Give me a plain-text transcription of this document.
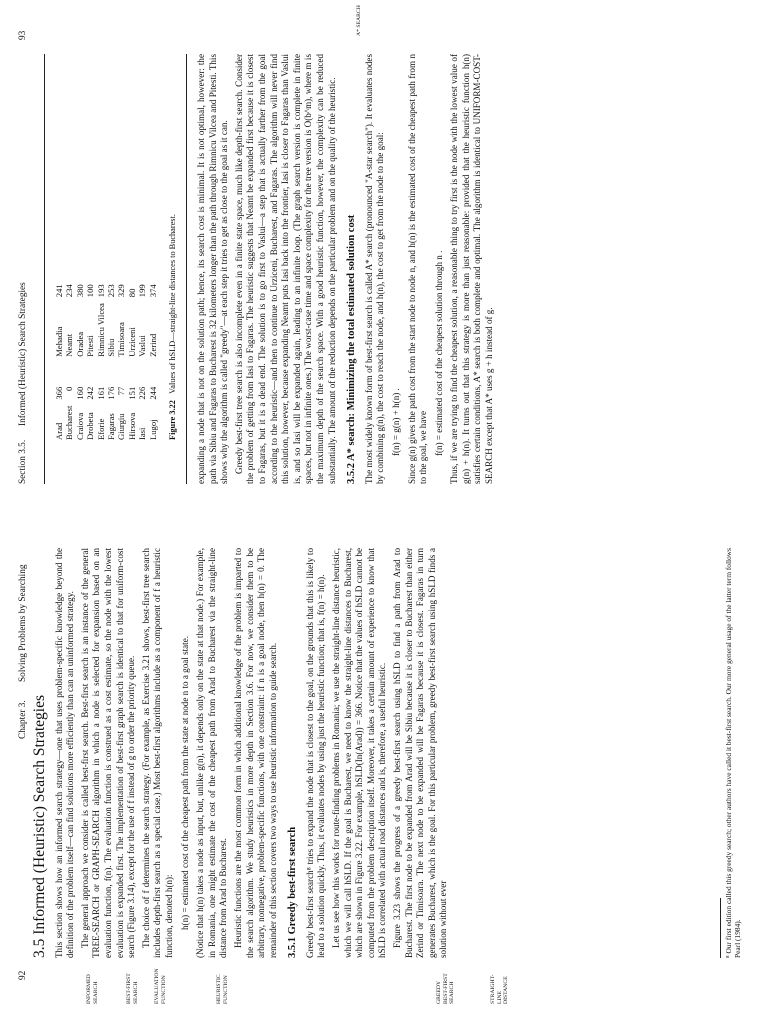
92
Chapter 3.
Solving Problems by Searching
INFORMED SEARCH	BEST-FIRST SEARCH	EVALUATION FUNCTION	HEURISTIC FUNCTION	GREEDY BEST-FIRST SEARCH	STRAIGHT-LINE DISTANCE
3.5 Informed (Heuristic) Search Strategies This section shows how an informed search strategy—one that uses problem-specific knowledge beyond the definition of the problem itself—can find solutions more efficiently than can an uninformed strategy. The general approach we consider is called best-first search. Best-first search is an instance of the general TREE-SEARCH or GRAPH-SEARCH algorithm in which a node is selected for expansion based on an evaluation function, f(n). The evaluation function is construed as a cost estimate, so the node with the lowest evaluation is expanded first. The implementation of best-first graph search is identical to that for uniform-cost search (Figure 3.14), except for the use of f instead of g to order the priority queue. The choice of f determines the search strategy. (For example, as Exercise 3.21 shows, best-first tree search includes depth-first search as a special case.) Most best-first algorithms include as a component of f a heuristic function, denoted h(n): h(n) = estimated cost of the cheapest path from the state at node n to a goal state. (Notice that h(n) takes a node as input, but, unlike g(n), it depends only on the state at that node.) For example, in Romania, one might estimate the cost of the cheapest path from Arad to Bucharest via the straight-line distance from Arad to Bucharest. Heuristic functions are the most common form in which additional knowledge of the problem is imparted to the search algorithm. We study heuristics in more depth in Section 3.6. For now, we consider them to be arbitrary, nonnegative, problem-specific functions, with one constraint: if n is a goal node, then h(n) = 0. The remainder of this section covers two ways to use heuristic information to guide search. 3.5.1 Greedy best-first search Greedy best-first search⁸ tries to expand the node that is closest to the goal, on the grounds that this is likely to lead to a solution quickly. Thus, it evaluates nodes by using just the heuristic function; that is, f(n) = h(n). Let us see how this works for route-finding problems in Romania; we use the straight-line distance heuristic, which we will call hSLD. If the goal is Bucharest, we need to know the straight-line distances to Bucharest, which are shown in Figure 3.22. For example, hSLD(In(Arad)) = 366. Notice that the values of hSLD cannot be computed from the problem description itself. Moreover, it takes a certain amount of experience to know that hSLD is correlated with actual road distances and is, therefore, a useful heuristic. Figure 3.23 shows the progress of a greedy best-first search using hSLD to find a path from Arad to Bucharest. The first node to be expanded from Arad will be Sibiu because it is closer to Bucharest than either Zerind or Timisoara. The next node to be expanded will be Fagaras because it is closest. Fagaras in turn generates Bucharest, which is the goal. For this particular problem, greedy best-first search using hSLD finds a solution without ever	⁸ Our first edition called this greedy search; other authors have called it best-first search. Our more general usage of the latter term follows Pearl (1984).
Section 3.5.
Informed (Heuristic) Search Strategies
93
Arad	366	Mehadia	241
Bucharest	0	Neamt	234
Craiova	160	Oradea	380
Drobeta	242	Pitesti	100
Eforie	161	Rimnicu Vilcea	193
Fagaras	176	Sibiu	253
Giurgiu	77	Timisoara	329
Hirsova	151	Urziceni	80
Iasi	226	Vaslui	199
Lugoj	244	Zerind	374
Figure 3.22   Values of hSLD—straight-line distances to Bucharest.
A* SEARCH

expanding a node that is not on the solution path; hence, its search cost is minimal. It is not optimal, however: the path via Sibiu and Fagaras to Bucharest is 32 kilometers longer than the path through Rimnicu Vilcea and Pitesti. This shows why the algorithm is called "greedy"—at each step it tries to get as close to the goal as it can. Greedy best-first tree search is also incomplete even in a finite state space, much like depth-first search. Consider the problem of getting from Iasi to Fagaras. The heuristic suggests that Neamt be expanded first because it is closest to Fagaras, but it is a dead end. The solution is to go first to Vaslui—a step that is actually farther from the goal according to the heuristic—and then to continue to Urziceni, Bucharest, and Fagaras. The algorithm will never find this solution, however, because expanding Neamt puts Iasi back into the frontier, Iasi is closer to Fagaras than Vaslui is, and so Iasi will be expanded again, leading to an infinite loop. (The graph search version is complete in finite spaces, but not in infinite ones.) The worst-case time and space complexity for the tree version is O(b^m), where m is the maximum depth of the search space. With a good heuristic function, however, the complexity can be reduced substantially. The amount of the reduction depends on the particular problem and on the quality of the heuristic. 3.5.2 A* search: Minimizing the total estimated solution cost The most widely known form of best-first search is called A* search (pronounced "A-star search"). It evaluates nodes by combining g(n), the cost to reach the node, and h(n), the cost to get from the node to the goal: f(n) = g(n) + h(n) . Since g(n) gives the path cost from the start node to node n, and h(n) is the estimated cost of the cheapest path from n to the goal, we have f(n) = estimated cost of the cheapest solution through n . Thus, if we are trying to find the cheapest solution, a reasonable thing to try first is the node with the lowest value of g(n) + h(n). It turns out that this strategy is more than just reasonable: provided that the heuristic function h(n) satisfies certain conditions, A* search is both complete and optimal. The algorithm is identical to UNIFORM-COST-SEARCH except that A* uses g + h instead of g.
